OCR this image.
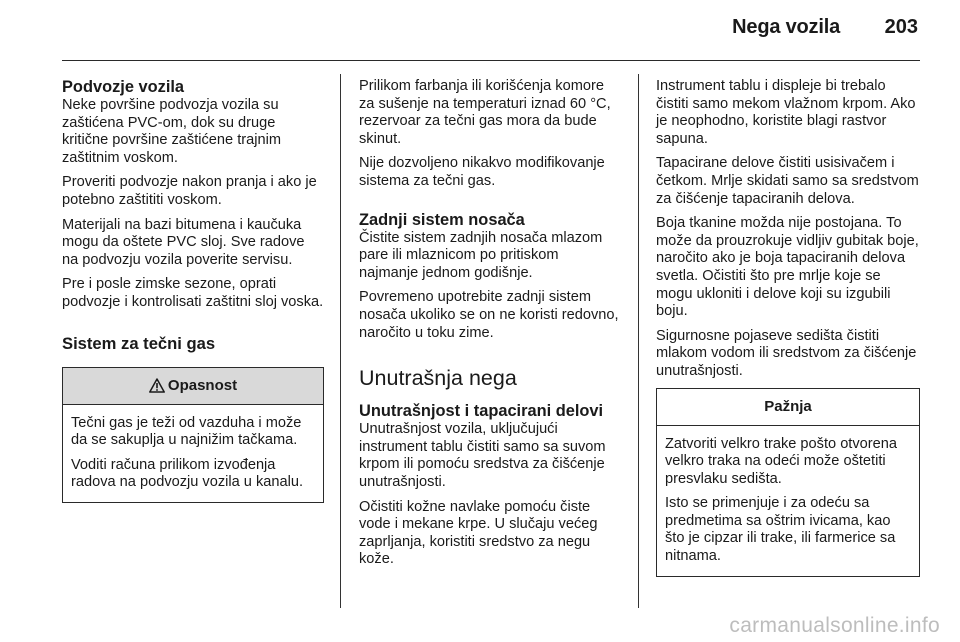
Nega vozila 203
Podvozje vozila

Neke površine podvozja vozila su zaštićena PVC-om, dok su druge kritične površine zaštićene trajnim zaštitnim voskom.

Proveriti podvozje nakon pranja i ako je potebno zaštititi voskom.

Materijali na bazi bitumena i kaučuka mogu da oštete PVC sloj. Sve radove na podvozju vozila poverite servisu.

Pre i posle zimske sezone, oprati podvozje i kontrolisati zaštitni sloj voska.

Sistem za tečni gas
Opasnost

Tečni gas je teži od vazduha i može da se sakuplja u najnižim tačkama.

Voditi računa prilikom izvođenja radova na podvozju vozila u kanalu.

Prilikom farbanja ili korišćenja komore za sušenje na temperaturi iznad 60 °C, rezervoar za tečni gas mora da bude skinut.

Nije dozvoljeno nikakvo modifikovanje sistema za tečni gas.

Zadnji sistem nosača

Čistite sistem zadnjih nosača mlazom pare ili mlaznicom po pritiskom najmanje jednom godišnje.

Povremeno upotrebite zadnji sistem nosača ukoliko se on ne koristi redovno, naročito u toku zime.

Unutrašnja nega
Unutrašnjost i tapacirani delovi

Unutrašnjost vozila, uključujući instrument tablu čistiti samo sa suvom krpom ili pomoću sredstva za čišćenje unutrašnjosti.

Očistiti kožne navlake pomoću čiste vode i mekane krpe. U slučaju većeg zaprljanja, koristiti sredstvo za negu kože.

Instrument tablu i displeje bi trebalo čistiti samo mekom vlažnom krpom. Ako je neophodno, koristite blagi rastvor sapuna.

Tapacirane delove čistiti usisivačem i četkom. Mrlje skidati samo sa sredstvom za čišćenje tapaciranih delova.

Boja tkanine možda nije postojana. To može da prouzrokuje vidljiv gubitak boje, naročito ako je boja tapaciranih delova svetla. Očistiti što pre mrlje koje se mogu ukloniti i delove koji su izgubili boju.

Sigurnosne pojaseve sedišta čistiti mlakom vodom ili sredstvom za čišćenje unutrašnjosti.

Pažnja

Zatvoriti velkro trake pošto otvorena velkro traka na odeći može oštetiti presvlaku sedišta.

Isto se primenjuje i za odeću sa predmetima sa oštrim ivicama, kao što je cipzar ili trake, ili farmerice sa nitnama.

carmanualsonline.info
